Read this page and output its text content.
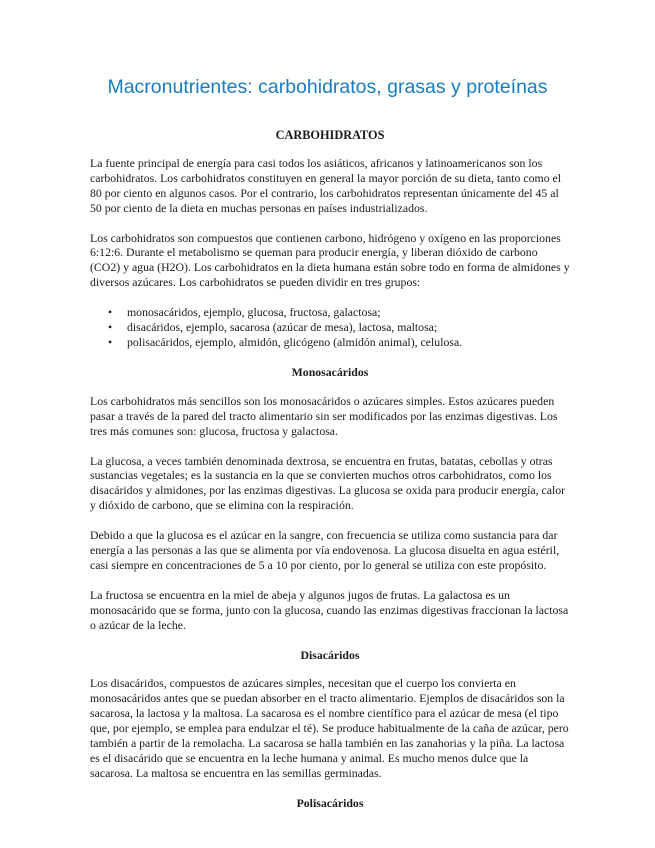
Macronutrientes: carbohidratos, grasas y proteínas
CARBOHIDRATOS

La fuente principal de energía para casi todos los asiáticos, africanos y latinoamericanos son los carbohidratos. Los carbohidratos constituyen en general la mayor porción de su dieta, tanto como el 80 por ciento en algunos casos. Por el contrario, los carbohidratos representan únicamente del 45 al 50 por ciento de la dieta en muchas personas en países industrializados.

Los carbohidratos son compuestos que contienen carbono, hidrógeno y oxígeno en las proporciones 6:12:6. Durante el metabolismo se queman para producir energía, y liberan dióxido de carbono (CO2) y agua (H2O). Los carbohidratos en la dieta humana están sobre todo en forma de almidones y diversos azúcares. Los carbohidratos se pueden dividir en tres grupos:

• monosacáridos, ejemplo, glucosa, fructosa, galactosa;
• disacáridos, ejemplo, sacarosa (azúcar de mesa), lactosa, maltosa;
• polisacáridos, ejemplo, almidón, glicógeno (almidón animal), celulosa.
Monosacáridos

Los carbohidratos más sencillos son los monosacáridos o azúcares simples. Estos azúcares pueden pasar a través de la pared del tracto alimentario sin ser modificados por las enzimas digestivas. Los tres más comunes son: glucosa, fructosa y galactosa.

La glucosa, a veces también denominada dextrosa, se encuentra en frutas, batatas, cebollas y otras sustancias vegetales; es la sustancia en la que se convierten muchos otros carbohidratos, como los disacáridos y almidones, por las enzimas digestivas. La glucosa se oxida para producir energía, calor y dióxido de carbono, que se elimina con la respiración.

Debido a que la glucosa es el azúcar en la sangre, con frecuencia se utiliza como sustancia para dar energía a las personas a las que se alimenta por vía endovenosa. La glucosa disuelta en agua estéril, casi siempre en concentraciones de 5 a 10 por ciento, por lo general se utiliza con este propósito.

La fructosa se encuentra en la miel de abeja y algunos jugos de frutas. La galactosa es un monosacárido que se forma, junto con la glucosa, cuando las enzimas digestivas fraccionan la lactosa o azúcar de la leche.

Disacáridos

Los disacáridos, compuestos de azúcares simples, necesitan que el cuerpo los convierta en monosacáridos antes que se puedan absorber en el tracto alimentario. Ejemplos de disacáridos son la sacarosa, la lactosa y la maltosa. La sacarosa es el nombre científico para el azúcar de mesa (el tipo que, por ejemplo, se emplea para endulzar el té). Se produce habitualmente de la caña de azúcar, pero también a partir de la remolacha. La sacarosa se halla también en las zanahorias y la piña. La lactosa es el disacárido que se encuentra en la leche humana y animal. Es mucho menos dulce que la sacarosa. La maltosa se encuentra en las semillas germinadas.

Polisacáridos
